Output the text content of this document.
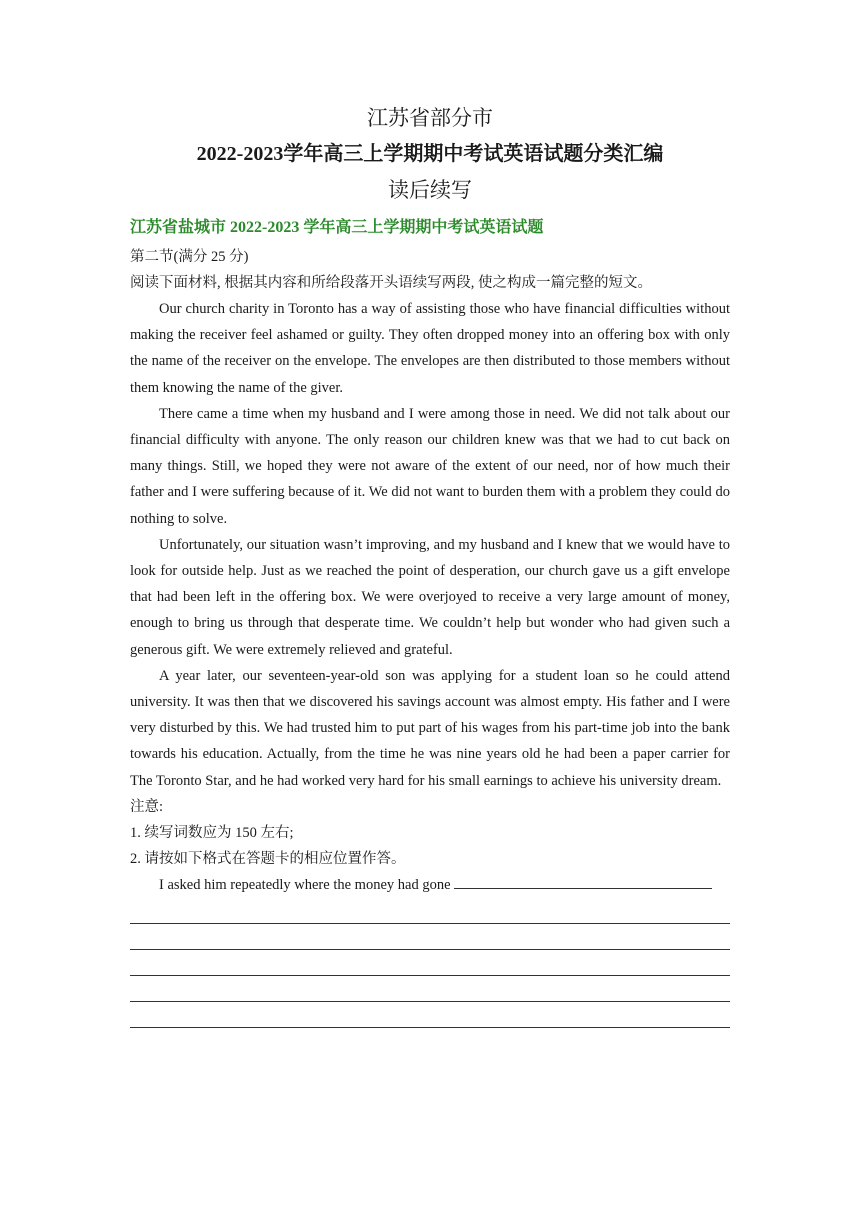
江苏省部分市
2022-2023学年高三上学期期中考试英语试题分类汇编
读后续写
江苏省盐城市 2022-2023 学年高三上学期期中考试英语试题

第二节(满分 25 分)

阅读下面材料, 根据其内容和所给段落开头语续写两段, 使之构成一篇完整的短文。

Our church charity in Toronto has a way of assisting those who have financial difficulties without making the receiver feel ashamed or guilty. They often dropped money into an offering box with only the name of the receiver on the envelope. The envelopes are then distributed to those members without them knowing the name of the giver.

There came a time when my husband and I were among those in need. We did not talk about our financial difficulty with anyone. The only reason our children knew was that we had to cut back on many things. Still, we hoped they were not aware of the extent of our need, nor of how much their father and I were suffering because of it. We did not want to burden them with a problem they could do nothing to solve.

Unfortunately, our situation wasn’t improving, and my husband and I knew that we would have to look for outside help. Just as we reached the point of desperation, our church gave us a gift envelope that had been left in the offering box. We were overjoyed to receive a very large amount of money, enough to bring us through that desperate time. We couldn’t help but wonder who had given such a generous gift. We were extremely relieved and grateful.

A year later, our seventeen-year-old son was applying for a student loan so he could attend university. It was then that we discovered his savings account was almost empty. His father and I were very disturbed by this. We had trusted him to put part of his wages from his part-time job into the bank towards his education. Actually, from the time he was nine years old he had been a paper carrier for The Toronto Star, and he had worked very hard for his small earnings to achieve his university dream.

注意:

1. 续写词数应为 150 左右;

2. 请按如下格式在答题卡的相应位置作答。

I asked him repeatedly where the money had gone
